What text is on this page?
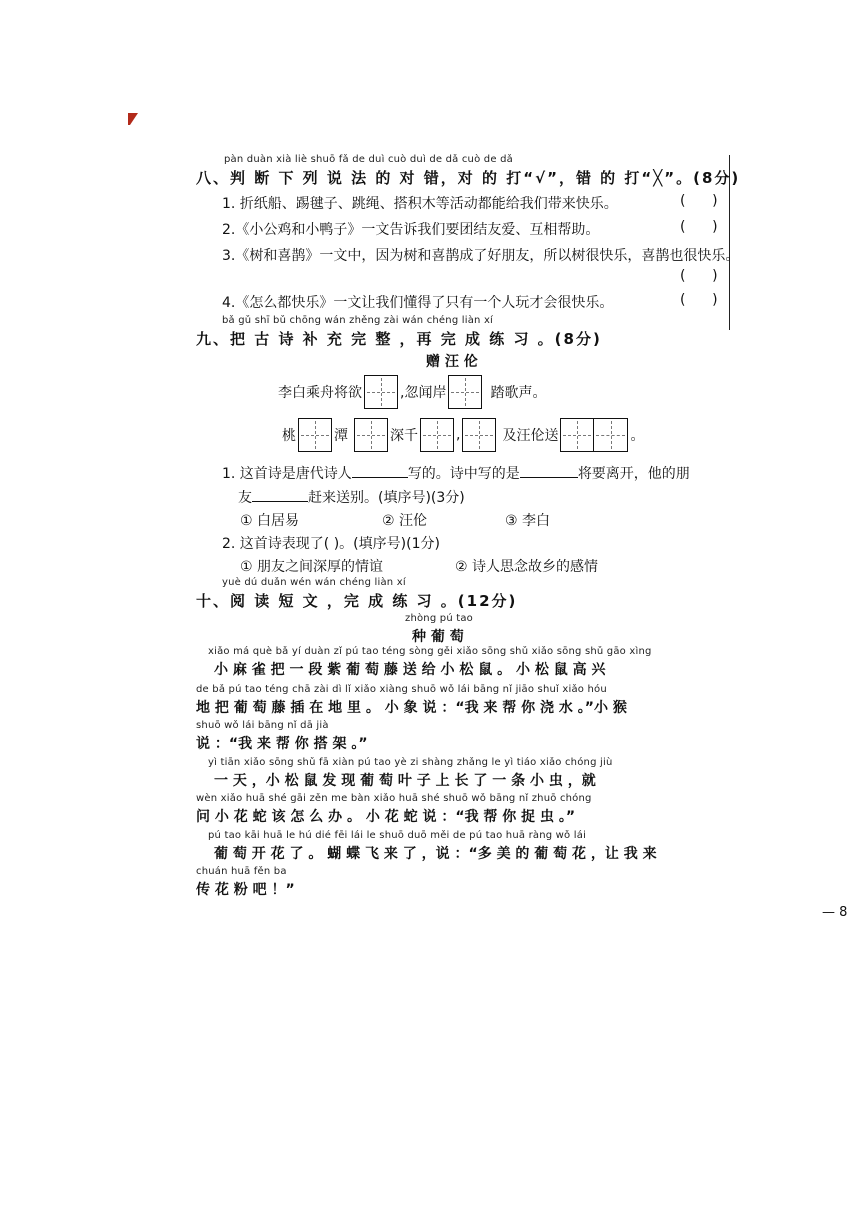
pàn duàn xià liè shuō fǎ de duì cuò duì de dǎ cuò de dǎ
八、判 断 下 列 说 法 的 对 错，对 的 打“√”，错 的 打“╳”。(8分)
1. 折纸船、踢毽子、跳绳、搭积木等活动都能给我们带来快乐。	(      )
2.《小公鸡和小鸭子》一文告诉我们要团结友爱、互相帮助。	(      )
3.《树和喜鹊》一文中，因为树和喜鹊成了好朋友，所以树很快乐，喜鹊也很快乐。
(      )
4.《怎么都快乐》一文让我们懂得了只有一个人玩才会很快乐。	(      )
bǎ gǔ shī bǔ chōng wán zhěng zài wán chéng liàn xí
九、把 古 诗 补 充 完 整 ，再 完 成 练 习 。(8分)
赠 汪 伦
李白乘舟将欲	,忽闻岸	踏歌声。
桃	潭	深千	,	及汪伦送	。
1. 这首诗是唐代诗人	写的。诗中写的是	将要离开，他的朋
友	赶来送别。(填序号)(3分)
① 白居易	② 汪伦	③ 李白
2. 这首诗表现了( )。(填序号)(1分)
① 朋友之间深厚的情谊	② 诗人思念故乡的感情
yuè dú duǎn wén wán chéng liàn xí
十、阅 读 短 文 ，完 成 练 习 。(12分)
zhòng pú tao
种 葡 萄
xiǎo má què bǎ yí duàn zǐ pú tao téng sòng gěi xiǎo sōng shǔ xiǎo sōng shǔ gāo xìng
　小 麻 雀 把 一 段 紫 葡 萄 藤 送 给 小 松 鼠 。 小 松 鼠 高 兴
de bǎ pú tao téng chā zài dì lǐ xiǎo xiàng shuō wǒ lái bāng nǐ jiāo shuǐ xiǎo hóu
地 把 葡 萄 藤 插 在 地 里 。 小 象 说 ：“我 来 帮 你 浇 水 。”小 猴
shuō wǒ lái bāng nǐ dā jià
说 ：“我 来 帮 你 搭 架 。”
yì tiān xiǎo sōng shǔ fā xiàn pú tao yè zi shàng zhǎng le yì tiáo xiǎo chóng jiù
　一 天 ，小 松 鼠 发 现 葡 萄 叶 子 上 长 了 一 条 小 虫 ，就
wèn xiǎo huā shé gāi zěn me bàn xiǎo huā shé shuō wǒ bāng nǐ zhuō chóng
问 小 花 蛇 该 怎 么 办 。 小 花 蛇 说 ：“我 帮 你 捉 虫 。”
pú tao kāi huā le hú dié fēi lái le shuō duō měi de pú tao huā ràng wǒ lái
　葡 萄 开 花 了 。 蝴 蝶 飞 来 了 ，说 ：“多 美 的 葡 萄 花 ，让 我 来
chuán huā fěn ba
传 花 粉 吧 ！”
— 8
